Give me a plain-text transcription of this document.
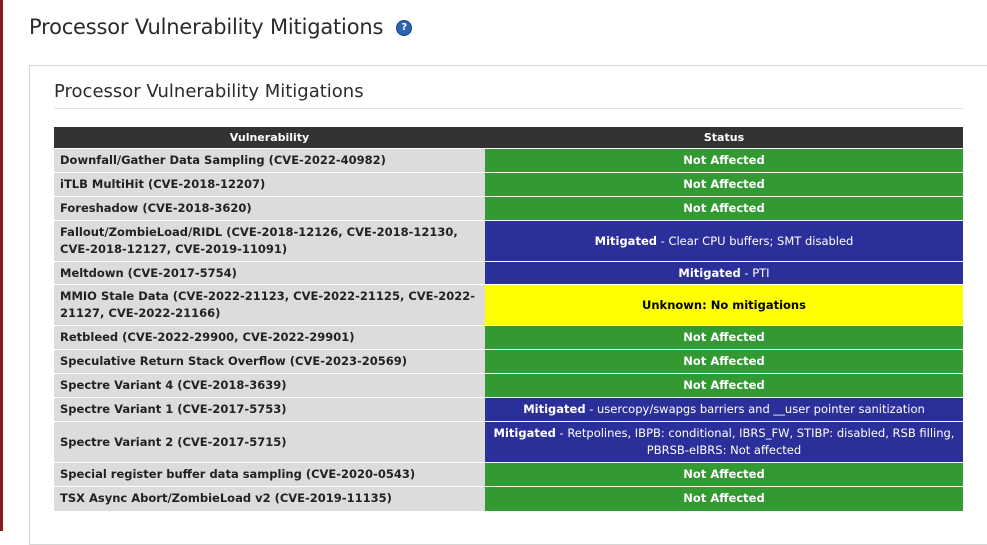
Processor Vulnerability Mitigations	?
Processor Vulnerability Mitigations
Vulnerability	Status
Downfall/Gather Data Sampling (CVE-2022-40982)	Not Affected
iTLB MultiHit (CVE-2018-12207)	Not Affected
Foreshadow (CVE-2018-3620)	Not Affected
Fallout/ZombieLoad/RIDL (CVE-2018-12126, CVE-2018-12130, CVE-2018-12127, CVE-2019-11091)	Mitigated - Clear CPU buffers; SMT disabled
Meltdown (CVE-2017-5754)	Mitigated - PTI
MMIO Stale Data (CVE-2022-21123, CVE-2022-21125, CVE-2022-21127, CVE-2022-21166)	Unknown: No mitigations
Retbleed (CVE-2022-29900, CVE-2022-29901)	Not Affected
Speculative Return Stack Overflow (CVE-2023-20569)	Not Affected
Spectre Variant 4 (CVE-2018-3639)	Not Affected
Spectre Variant 1 (CVE-2017-5753)	Mitigated - usercopy/swapgs barriers and __user pointer sanitization
Spectre Variant 2 (CVE-2017-5715)	Mitigated - Retpolines, IBPB: conditional, IBRS_FW, STIBP: disabled, RSB filling, PBRSB-eIBRS: Not affected
Special register buffer data sampling (CVE-2020-0543)	Not Affected
TSX Async Abort/ZombieLoad v2 (CVE-2019-11135)	Not Affected
